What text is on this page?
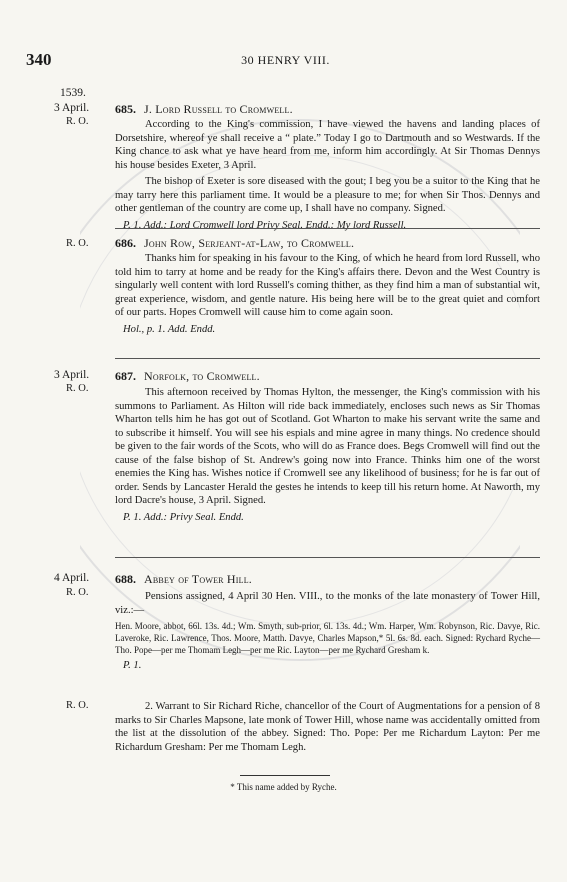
340	30 HENRY VIII.
1539.
3 April.
R. O.
685. J. Lord Russell to Cromwell.

According to the King's commission, I have viewed the havens and landing places of Dorsetshire, whereof ye shall receive a “ plate.” Today I go to Dartmouth and so Westwards. If the King chance to ask what ye have heard from me, inform him accordingly. At Sir Thomas Dennys his house besides Exeter, 3 April.

The bishop of Exeter is sore diseased with the gout; I beg you be a suitor to the King that he may tarry here this parliament time. It would be a pleasure to me; for when Sir Thos. Dennys and other gentleman of the country are come up, I shall have no company. Signed.

P. 1. Add.: Lord Cromwell lord Privy Seal. Endd.: My lord Russell.

R. O.	686. John Row, Serjeant-at-Law, to Cromwell.

Thanks him for speaking in his favour to the King, of which he heard from lord Russell, who told him to tarry at home and be ready for the King's affairs there. Devon and the West Country is singularly well content with lord Russell's coming thither, as they find him a man of substantial wit, great experience, wisdom, and gentle nature. His being here will be to the great quiet and comfort of our parts. Hopes Cromwell will cause him to come again soon.

Hol., p. 1. Add. Endd.

3 April.
R. O.
687. Norfolk, to Cromwell.

This afternoon received by Thomas Hylton, the messenger, the King's commission with his summons to Parliament. As Hilton will ride back immediately, encloses such news as Sir Thomas Wharton tells him he has got out of Scotland. Got Wharton to make his servant write the same and to subscribe it himself. You will see his espials and mine agree in many things. No credence should be given to the fair words of the Scots, who will do as France does. Begs Cromwell will find out the cause of the false bishop of St. Andrew's going now into France. Thinks him one of the worst enemies the King has. Wishes notice if Cromwell see any likelihood of business; for he is far out of order. Sends by Lancaster Herald the gestes he intends to keep till his return home. At Naworth, my lord Dacre's house, 3 April. Signed.

P. 1. Add.: Privy Seal. Endd.

4 April.
R. O.
688. Abbey of Tower Hill.

Pensions assigned, 4 April 30 Hen. VIII., to the monks of the late monastery of Tower Hill, viz.:—

Hen. Moore, abbot, 66l. 13s. 4d.; Wm. Smyth, sub-prior, 6l. 13s. 4d.; Wm. Harper, Wm. Robynson, Ric. Davye, Ric. Laveroke, Ric. Lawrence, Thos. Moore, Matth. Davye, Charles Mapson,* 5l. 6s. 8d. each. Signed: Rychard Ryche—Tho. Pope—per me Thomam Legh—per me Ric. Layton—per me Rychard Gresham k.

P. 1.

R. O.	2. Warrant to Sir Richard Riche, chancellor of the Court of Augmentations for a pension of 8 marks to Sir Charles Mapsone, late monk of Tower Hill, whose name was accidentally omitted from the list at the dissolution of the abbey. Signed: Tho. Pope: Per me Richardum Layton: Per me Richardum Gresham: Per me Thomam Legh.

* This name added by Ryche.
